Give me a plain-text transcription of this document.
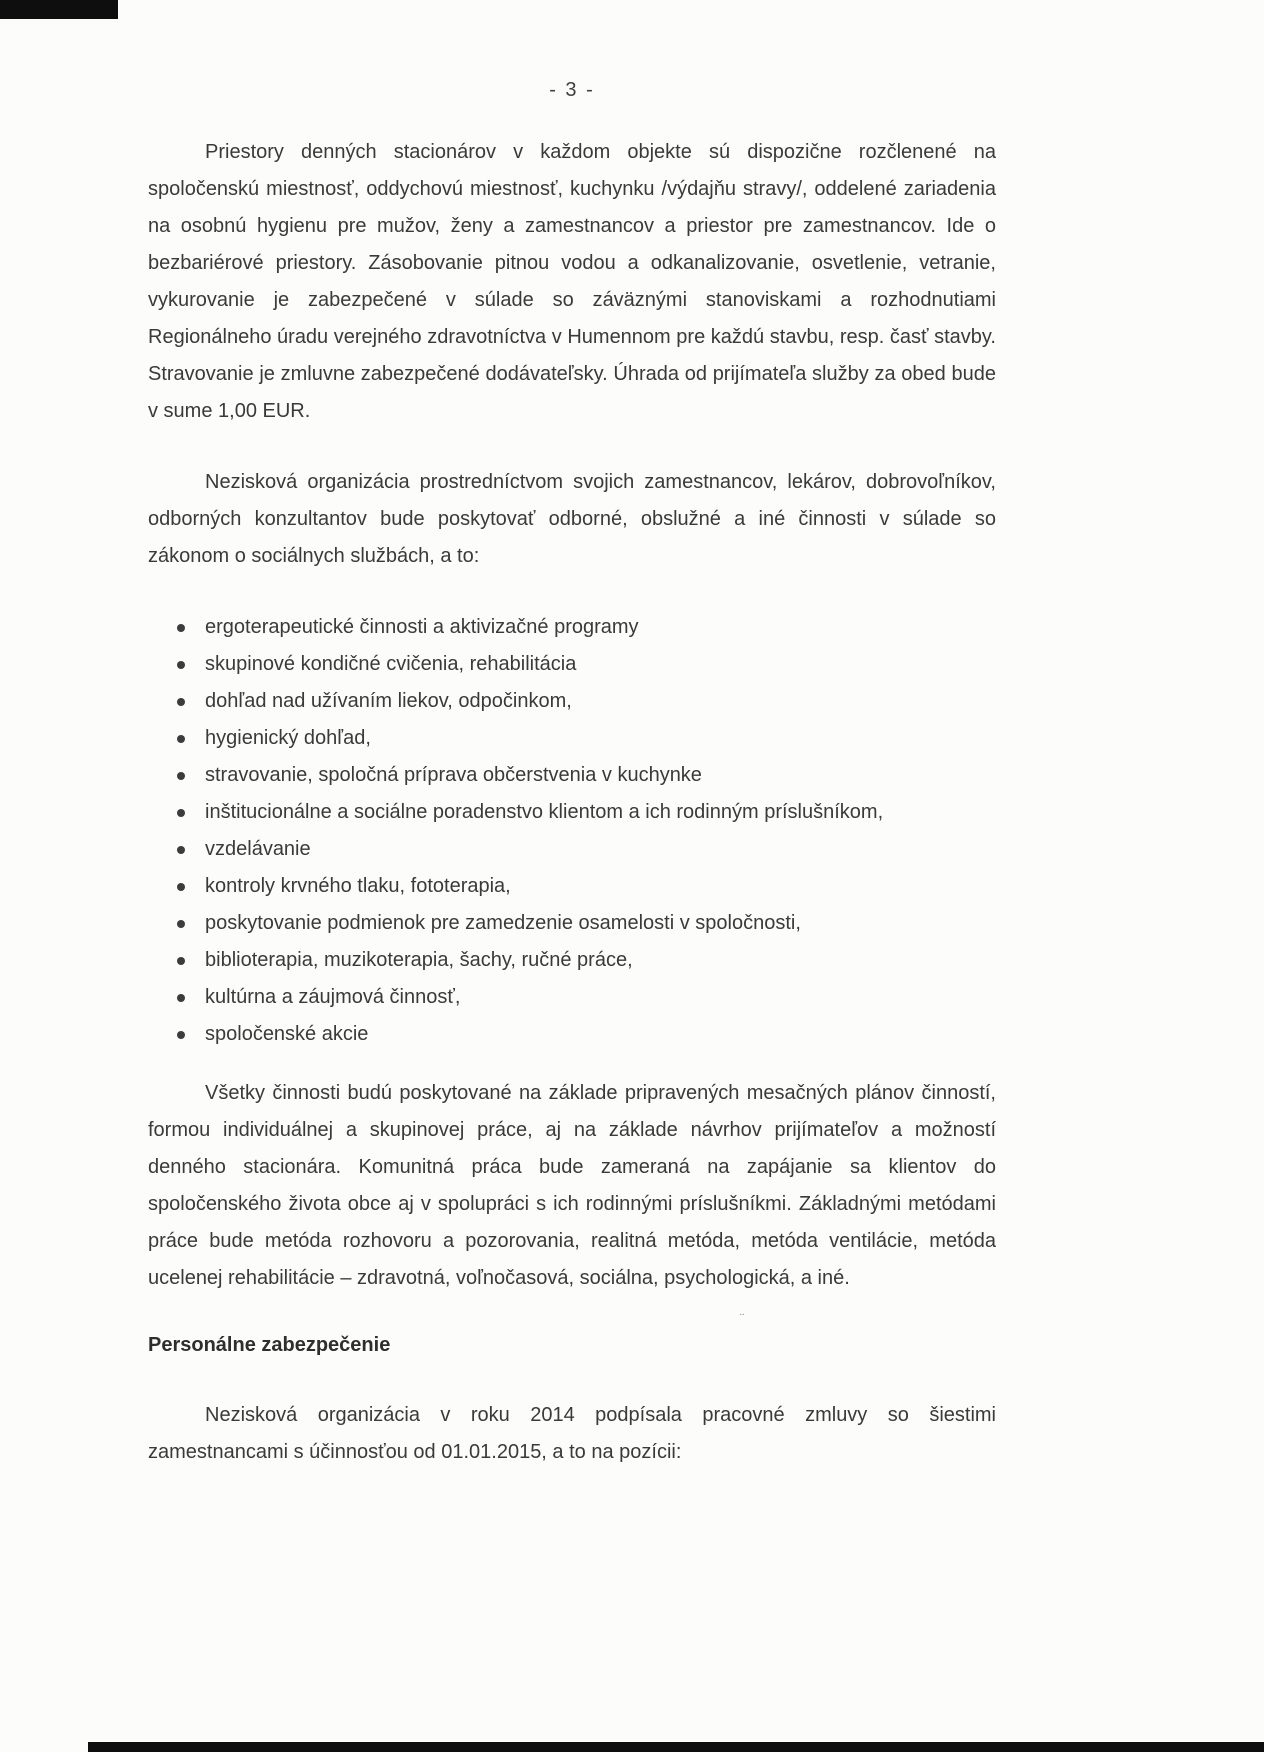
- 3 -

Priestory denných stacionárov v každom objekte sú dispozične rozčlenené na spoločenskú miestnosť, oddychovú miestnosť, kuchynku /výdajňu stravy/, oddelené zariadenia na osobnú hygienu pre mužov, ženy a zamestnancov a priestor pre zamestnancov. Ide o bezbariérové priestory. Zásobovanie pitnou vodou a odkanalizovanie, osvetlenie, vetranie, vykurovanie je zabezpečené v súlade so záväznými stanoviskami a rozhodnutiami Regionálneho úradu verejného zdravotníctva v Humennom pre každú stavbu, resp. časť stavby. Stravovanie je zmluvne zabezpečené dodávateľsky. Úhrada od prijímateľa služby za obed bude v sume 1,00 EUR.

Nezisková organizácia prostredníctvom svojich zamestnancov, lekárov, dobrovoľníkov, odborných konzultantov bude poskytovať odborné, obslužné a iné činnosti v súlade so zákonom o sociálnych službách, a to:

ergoterapeutické činnosti a aktivizačné programy
skupinové kondičné cvičenia, rehabilitácia
dohľad nad užívaním liekov, odpočinkom,
hygienický dohľad,
stravovanie, spoločná príprava občerstvenia v kuchynke
inštitucionálne a sociálne poradenstvo klientom a ich rodinným príslušníkom,
vzdelávanie
kontroly krvného tlaku, fototerapia,
poskytovanie podmienok pre zamedzenie osamelosti v spoločnosti,
biblioterapia, muzikoterapia, šachy, ručné práce,
kultúrna a záujmová činnosť,
spoločenské akcie

Všetky činnosti budú poskytované na základe pripravených mesačných plánov činností, formou individuálnej a skupinovej práce, aj na základe návrhov prijímateľov a možností denného stacionára. Komunitná práca bude zameraná na zapájanie sa klientov do spoločenského života obce aj v spolupráci s ich rodinnými príslušníkmi. Základnými metódami práce bude metóda rozhovoru a pozorovania, realitná metóda, metóda ventilácie, metóda ucelenej rehabilitácie – zdravotná, voľnočasová, sociálna, psychologická, a iné.

Personálne zabezpečenie

Nezisková organizácia v roku 2014 podpísala pracovné zmluvy so šiestimi zamestnancami s účinnosťou od 01.01.2015, a to na pozícii:
